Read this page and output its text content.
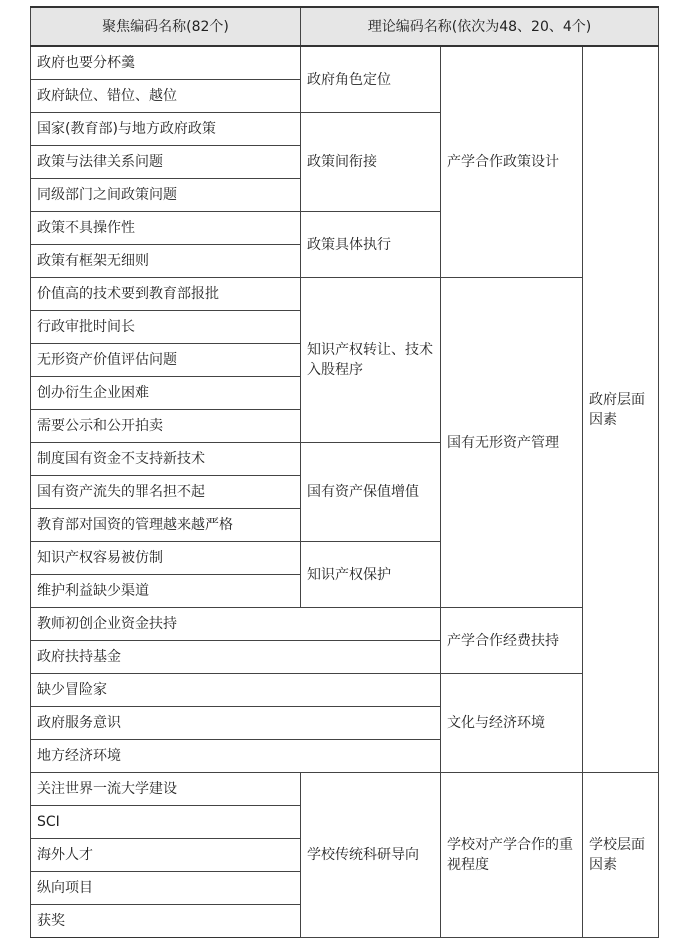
聚焦编码名称(82个)	理论编码名称(依次为48、20、4个)		
政府也要分杯羹	政府角色定位	产学合作政策设计	政府层面因素
政府缺位、错位、越位			
国家(教育部)与地方政府政策	政策间衔接		
政策与法律关系问题			
同级部门之间政策问题			
政策不具操作性	政策具体执行		
政策有框架无细则			
价值高的技术要到教育部报批	知识产权转让、技术入股程序	国有无形资产管理	
行政审批时间长			
无形资产价值评估问题			
创办衍生企业困难			
需要公示和公开拍卖			
制度国有资金不支持新技术	国有资产保值增值		
国有资产流失的罪名担不起			
教育部对国资的管理越来越严格			
知识产权容易被仿制	知识产权保护		
维护利益缺少渠道			
教师初创企业资金扶持		产学合作经费扶持	
政府扶持基金			
缺少冒险家		文化与经济环境	
政府服务意识			
地方经济环境			
关注世界一流大学建设	学校传统科研导向	学校对产学合作的重视程度	学校层面因素
SCI			
海外人才			
纵向项目			
获奖			
